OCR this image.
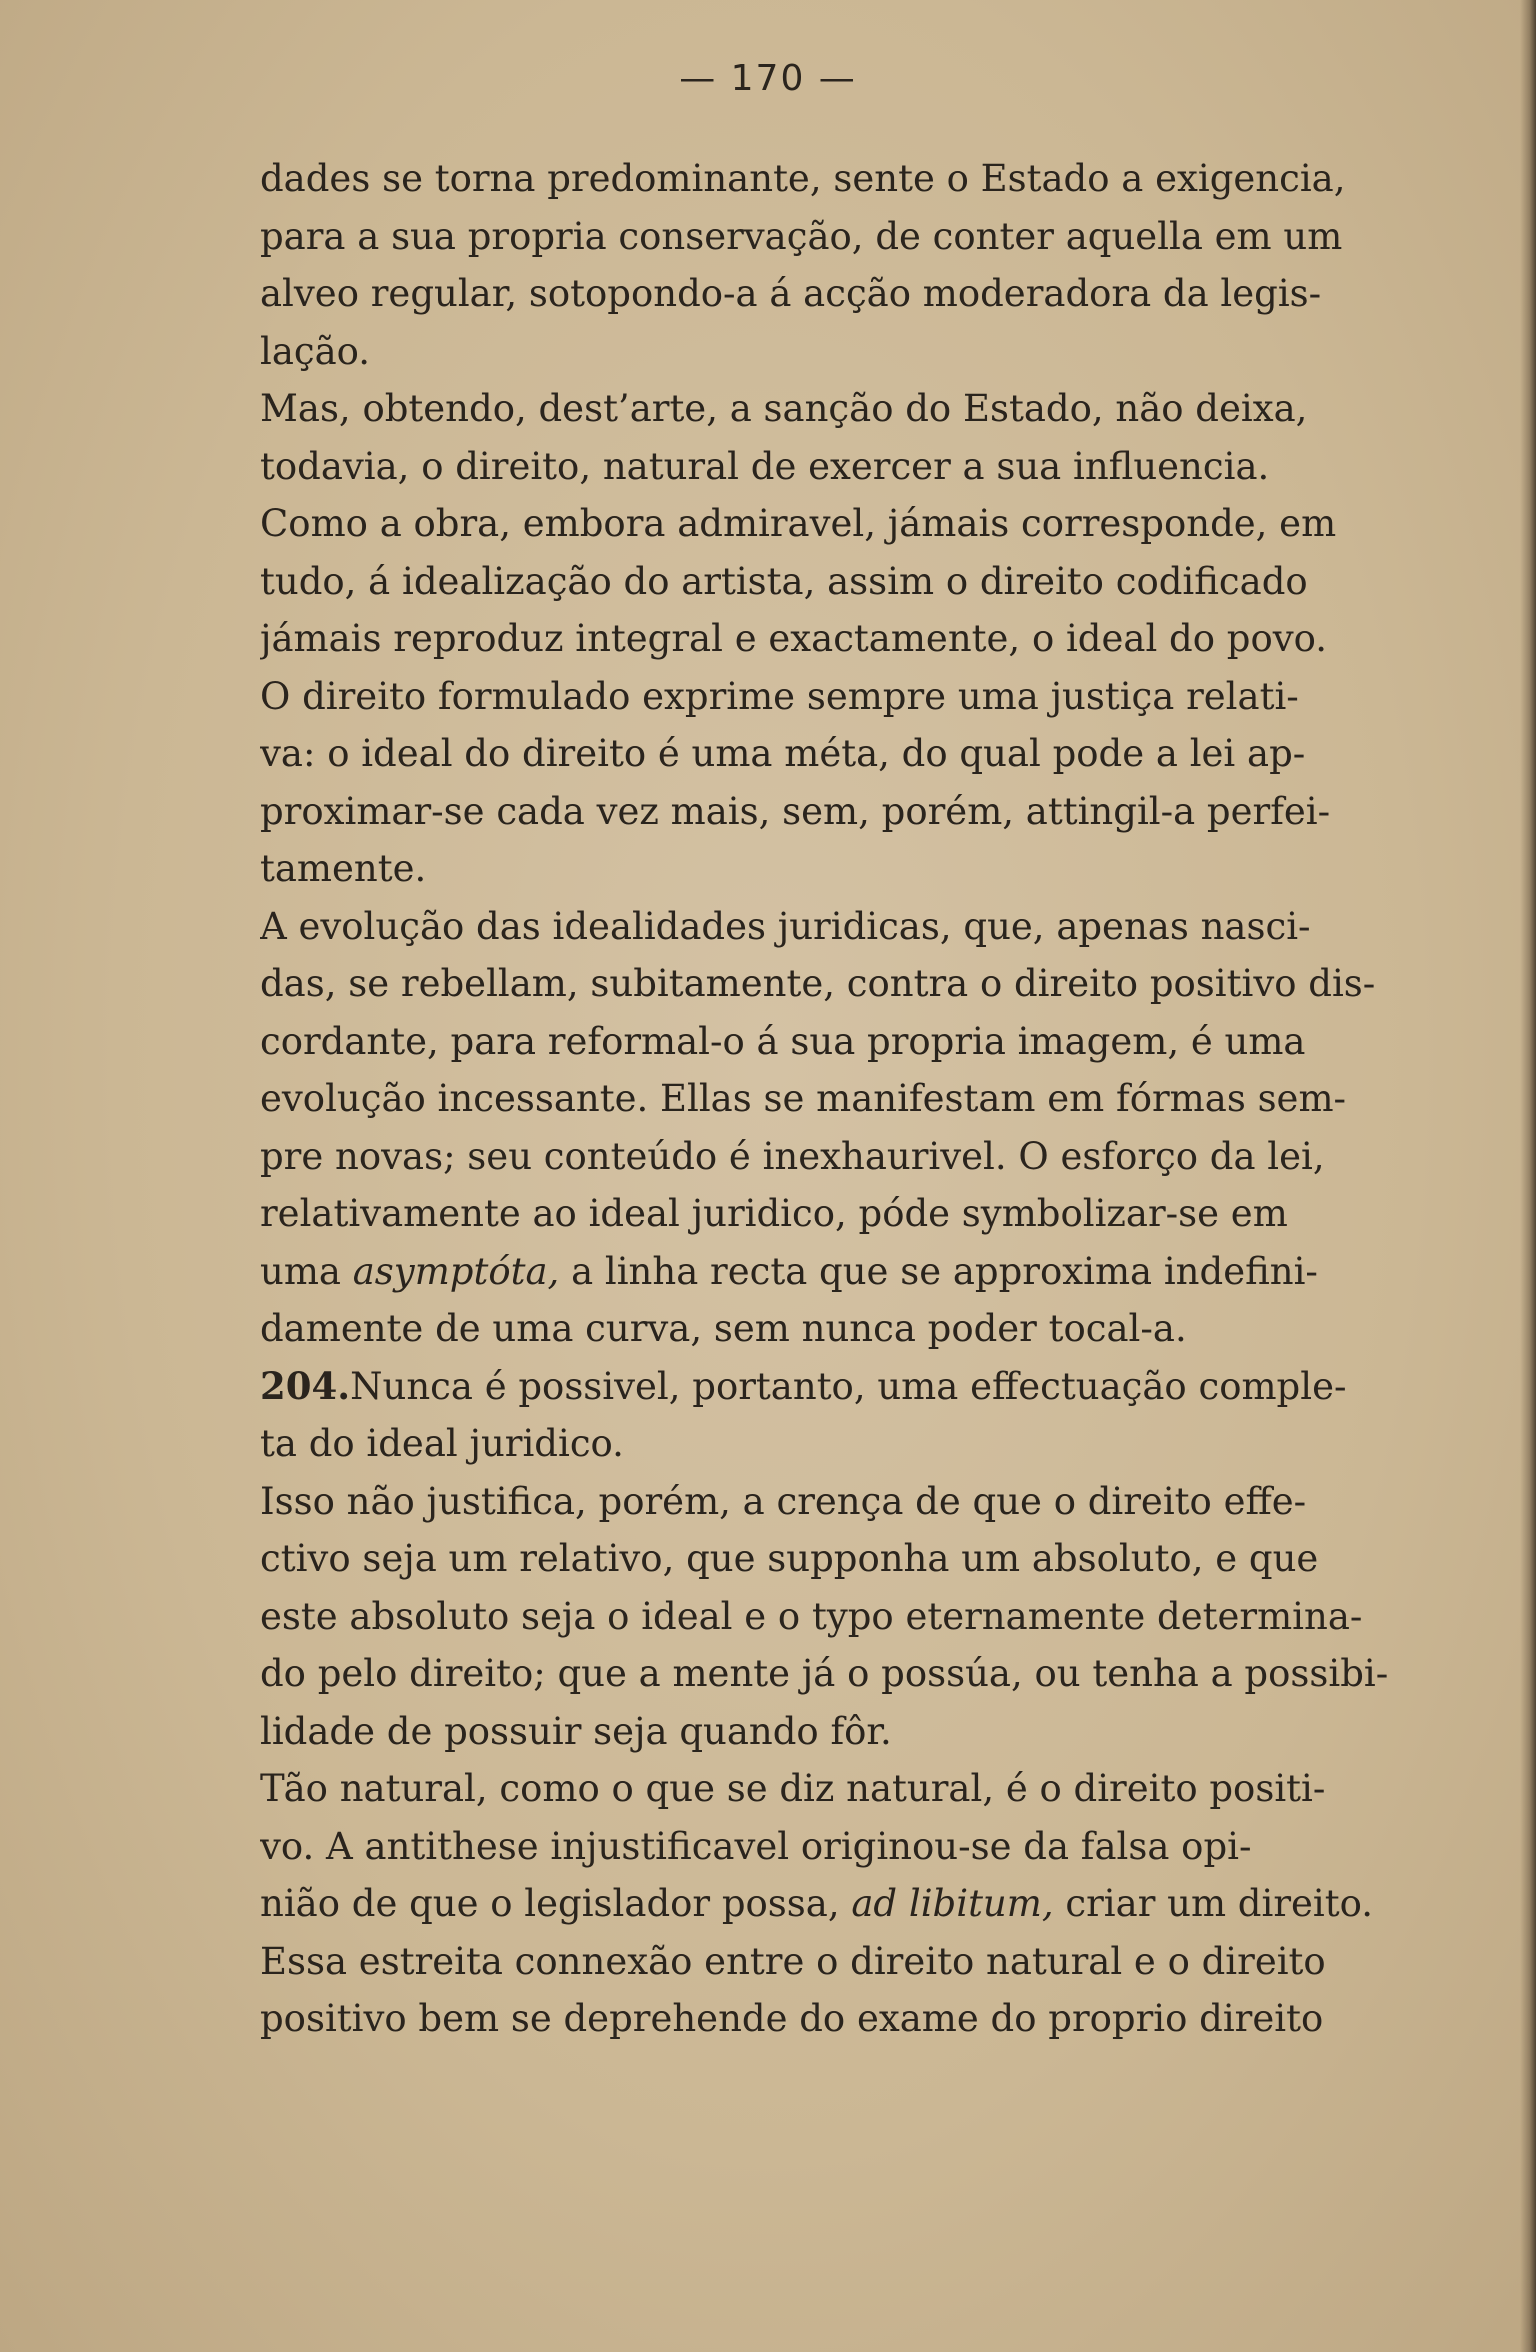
— 170 —
dades se torna predominante, sente o Estado a exigencia,
para a sua propria conservação, de conter aquella em um
alveo regular, sotopondo-a á acção moderadora da legis-
lação.
Mas, obtendo, dest’arte, a sanção do Estado, não deixa,
todavia, o direito, natural de exercer a sua influencia.
Como a obra, embora admiravel, jámais corresponde, em
tudo, á idealização do artista, assim o direito codificado
jámais reproduz integral e exactamente, o ideal do povo.
O direito formulado exprime sempre uma justiça relati-
va: o ideal do direito é uma méta, do qual pode a lei ap-
proximar-se cada vez mais, sem, porém, attingil-a perfei-
tamente.
A evolução das idealidades juridicas, que, apenas nasci-
das, se rebellam, subitamente, contra o direito positivo dis-
cordante, para reformal-o á sua propria imagem, é uma
evolução incessante. Ellas se manifestam em fórmas sem-
pre novas; seu conteúdo é inexhaurivel. O esforço da lei,
relativamente ao ideal juridico, póde symbolizar-se em
uma asymptóta, a linha recta que se approxima indefini-
damente de uma curva, sem nunca poder tocal-a.
204.Nunca é possivel, portanto, uma effectuação comple-
ta do ideal juridico.
Isso não justifica, porém, a crença de que o direito effe-
ctivo seja um relativo, que supponha um absoluto, e que
este absoluto seja o ideal e o typo eternamente determina-
do pelo direito; que a mente já o possúa, ou tenha a possibi-
lidade de possuir seja quando fôr.
Tão natural, como o que se diz natural, é o direito positi-
vo. A antithese injustificavel originou-se da falsa opi-
nião de que o legislador possa, ad libitum, criar um direito.
Essa estreita connexão entre o direito natural e o direito
positivo bem se deprehende do exame do proprio direito
